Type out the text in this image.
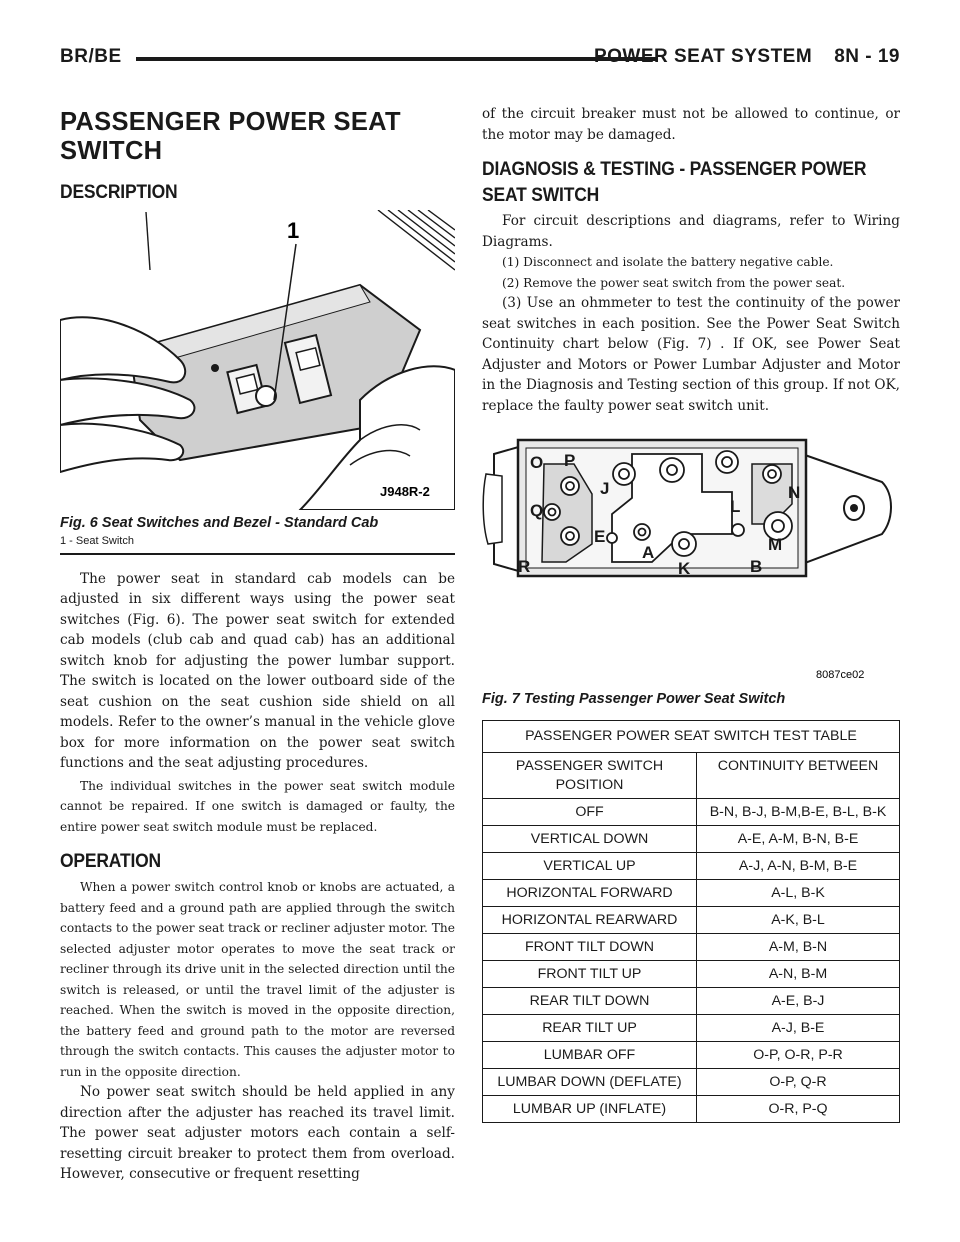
BR/BE	POWER SEAT SYSTEM 8N - 19
PASSENGER POWER SEAT SWITCH
DESCRIPTION
1
J948R-2

Fig. 6 Seat Switches and Bezel - Standard Cab

1 - Seat Switch

The power seat in standard cab models can be adjusted in six different ways using the power seat switches (Fig. 6). The power seat switch for extended cab models (club cab and quad cab) has an additional switch knob for adjusting the power lumbar support. The switch is located on the lower outboard side of the seat cushion on the seat cushion side shield on all models. Refer to the owner’s manual in the vehicle glove box for more information on the power seat switch functions and the seat adjusting procedures.

The individual switches in the power seat switch module cannot be repaired. If one switch is damaged or faulty, the entire power seat switch module must be replaced.

OPERATION

When a power switch control knob or knobs are actuated, a battery feed and a ground path are applied through the switch contacts to the power seat track or recliner adjuster motor. The selected adjuster motor operates to move the seat track or recliner through its drive unit in the selected direction until the switch is released, or until the travel limit of the adjuster is reached. When the switch is moved in the opposite direction, the battery feed and ground path to the motor are reversed through the switch contacts. This causes the adjuster motor to run in the opposite direction.

No power seat switch should be held applied in any direction after the adjuster has reached its travel limit. The power seat adjuster motors each contain a self-resetting circuit breaker to protect them from overload. However, consecutive or frequent resetting

of the circuit breaker must not be allowed to continue, or the motor may be damaged.

DIAGNOSIS & TESTING - PASSENGER POWER SEAT SWITCH

For circuit descriptions and diagrams, refer to Wiring Diagrams.

(1) Disconnect and isolate the battery negative cable.

(2) Remove the power seat switch from the power seat.

(3) Use an ohmmeter to test the continuity of the power seat switches in each position. See the Power Seat Switch Continuity chart below (Fig. 7) . If OK, see Power Seat Adjuster and Motors or Power Lumbar Adjuster and Motor in the Diagnosis and Testing section of this group. If not OK, replace the faulty power seat switch unit.

O P
J
Q	L
N
E	M
A
R	K	B
8087ce02

Fig. 7 Testing Passenger Power Seat Switch

PASSENGER POWER SEAT SWITCH TEST TABLE	
PASSENGER SWITCH POSITION	CONTINUITY BETWEEN
OFF	B-N, B-J, B-M,B-E, B-L, B-K
VERTICAL DOWN	A-E, A-M, B-N, B-E
VERTICAL UP	A-J, A-N, B-M, B-E
HORIZONTAL FORWARD	A-L, B-K
HORIZONTAL REARWARD	A-K, B-L
FRONT TILT DOWN	A-M, B-N
FRONT TILT UP	A-N, B-M
REAR TILT DOWN	A-E, B-J
REAR TILT UP	A-J, B-E
LUMBAR OFF	O-P, O-R, P-R
LUMBAR DOWN (DEFLATE)	O-P, Q-R
LUMBAR UP (INFLATE)	O-R, P-Q
